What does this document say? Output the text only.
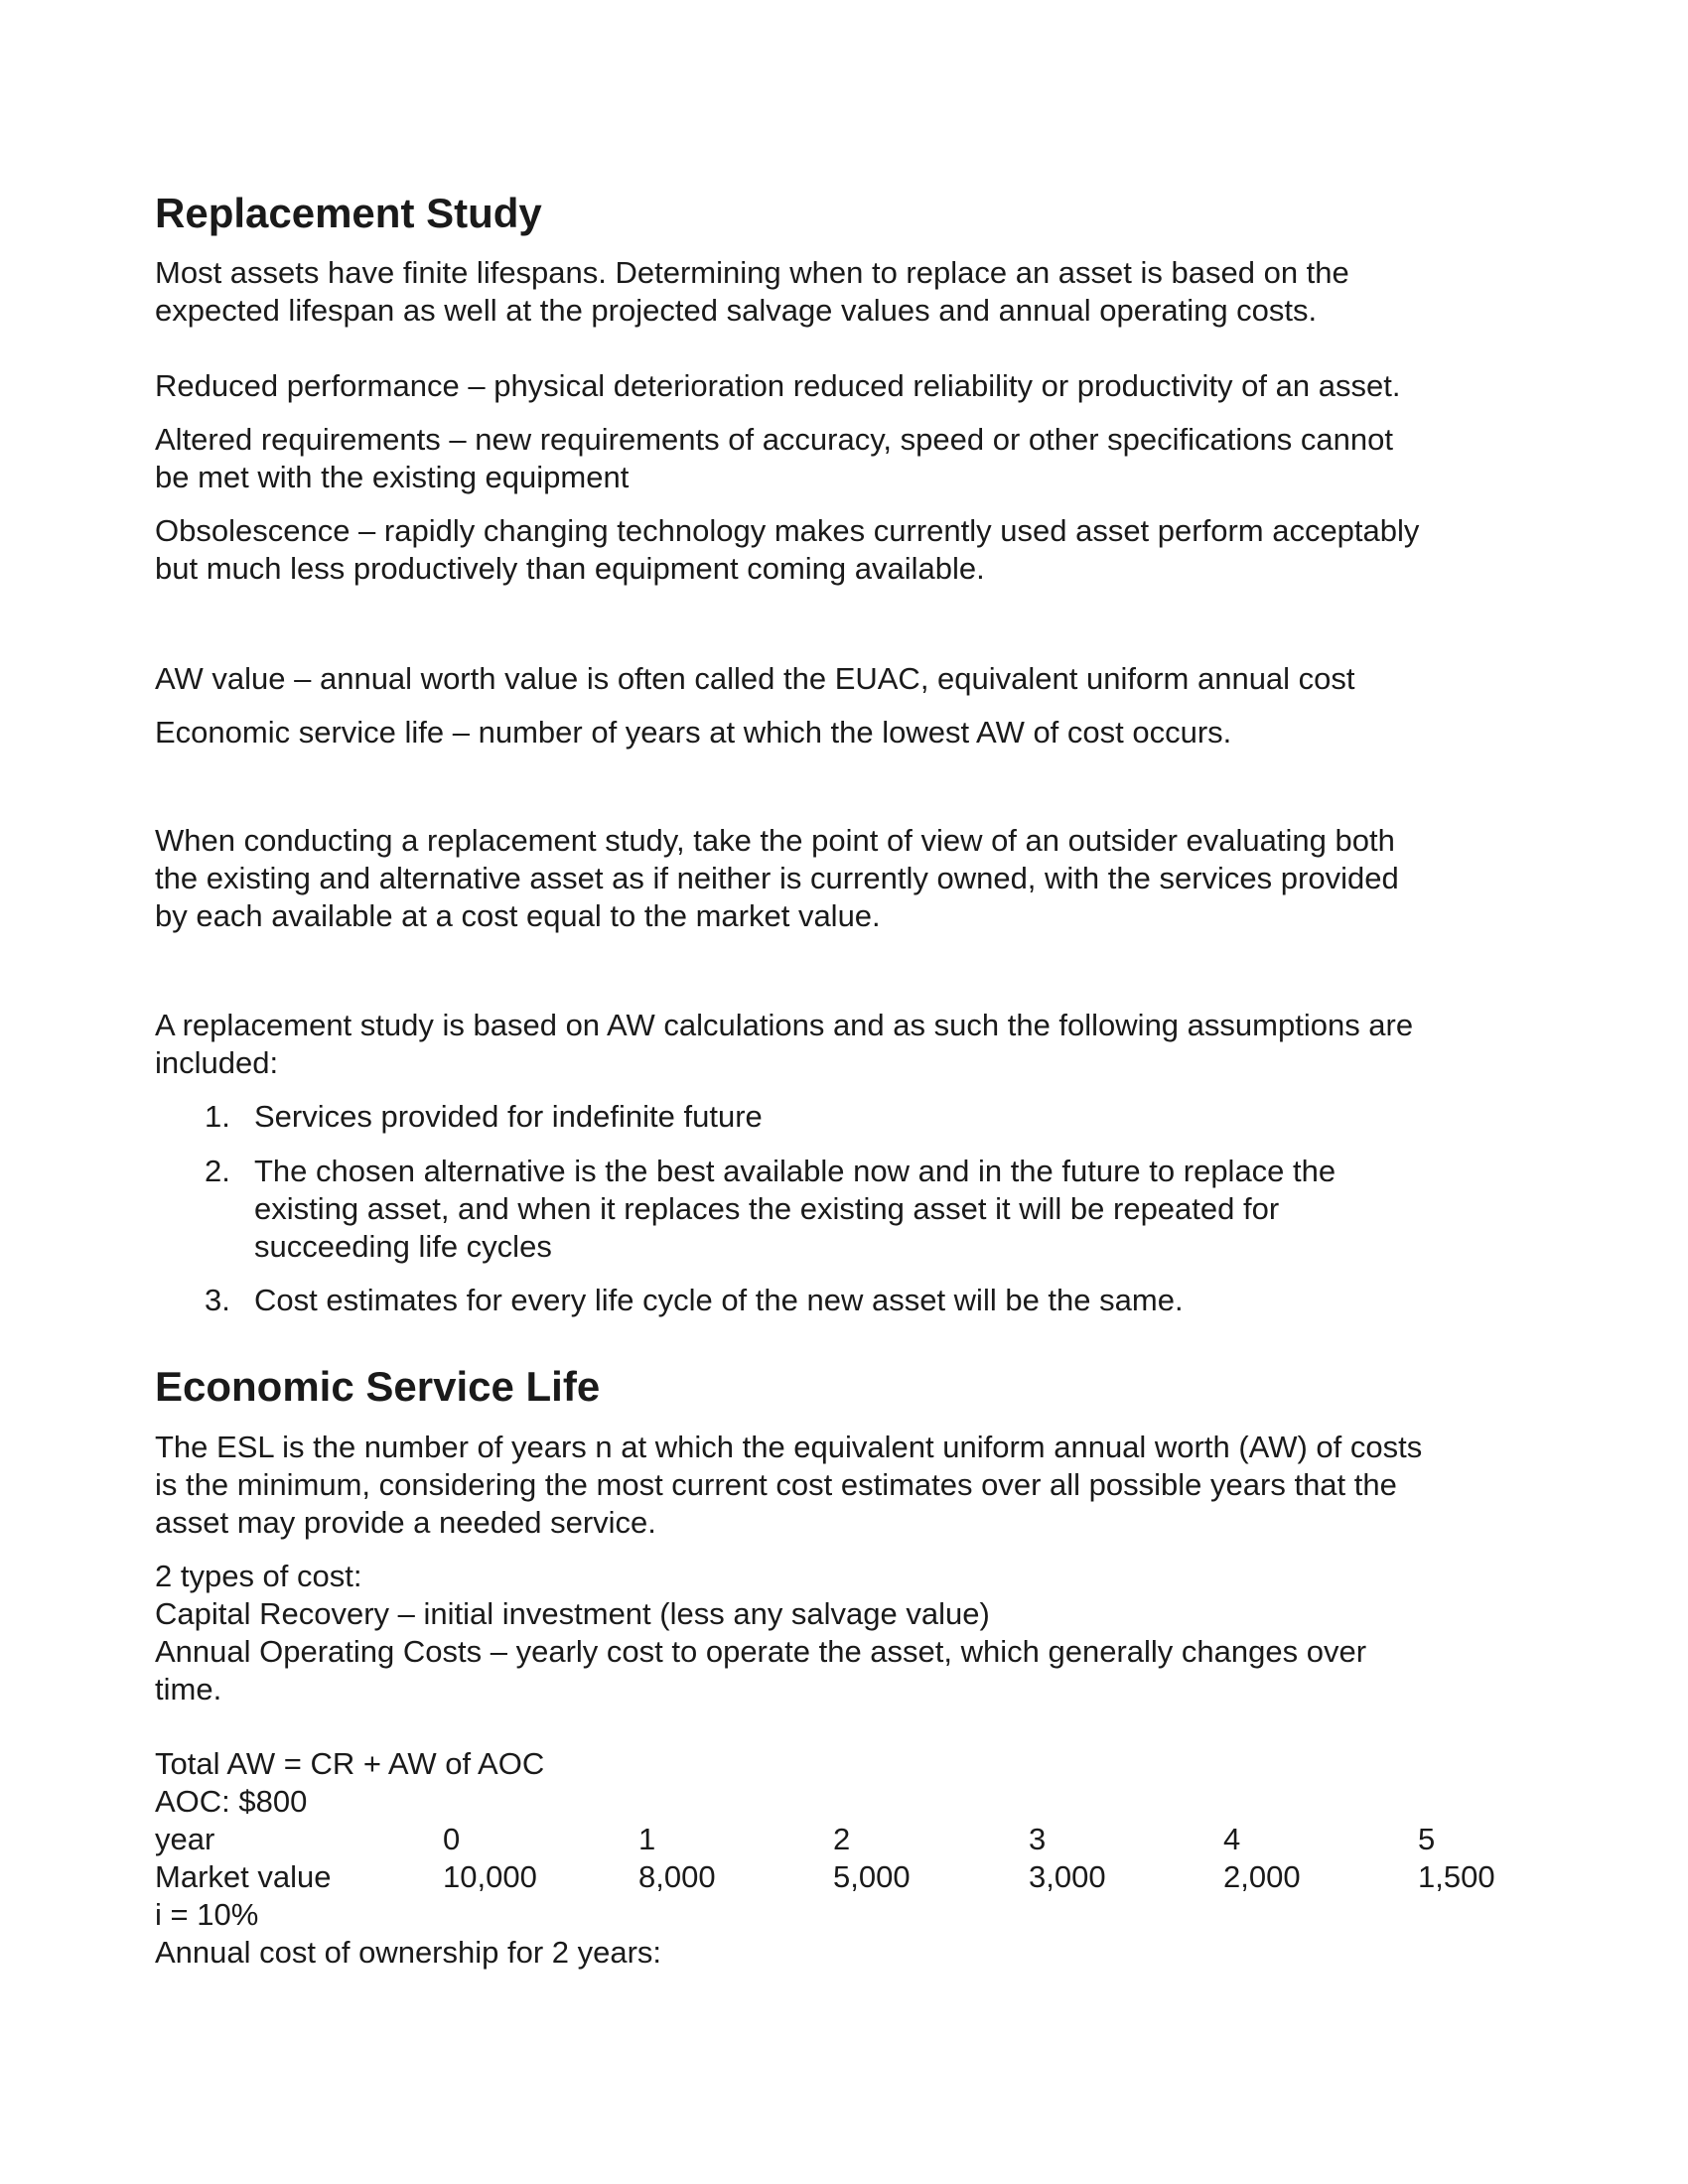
Replacement Study
Most assets have finite lifespans. Determining when to replace an asset is based on the
expected lifespan as well at the projected salvage values and annual operating costs.
Reduced performance – physical deterioration reduced reliability or productivity of an asset.
Altered requirements – new requirements of accuracy, speed or other specifications cannot
be met with the existing equipment
Obsolescence – rapidly changing technology makes currently used asset perform acceptably
but much less productively than equipment coming available.
AW value – annual worth value is often called the EUAC, equivalent uniform annual cost
Economic service life – number of years at which the lowest AW of cost occurs.
When conducting a replacement study, take the point of view of an outsider evaluating both
the existing and alternative asset as if neither is currently owned, with the services provided
by each available at a cost equal to the market value.
A replacement study is based on AW calculations and as such the following assumptions are
included:
1. Services provided for indefinite future
2. The chosen alternative is the best available now and in the future to replace the
existing asset, and when it replaces the existing asset it will be repeated for
succeeding life cycles
3. Cost estimates for every life cycle of the new asset will be the same.
Economic Service Life
The ESL is the number of years n at which the equivalent uniform annual worth (AW) of costs
is the minimum, considering the most current cost estimates over all possible years that the
asset may provide a needed service.
2 types of cost:
Capital Recovery – initial investment (less any salvage value)
Annual Operating Costs – yearly cost to operate the asset, which generally changes over
time.
Total AW = CR + AW of AOC
AOC: $800
year	0	1	2	3	4	5
Market value	10,000	8,000	5,000	3,000	2,000	1,500
i = 10%
Annual cost of ownership for 2 years:
